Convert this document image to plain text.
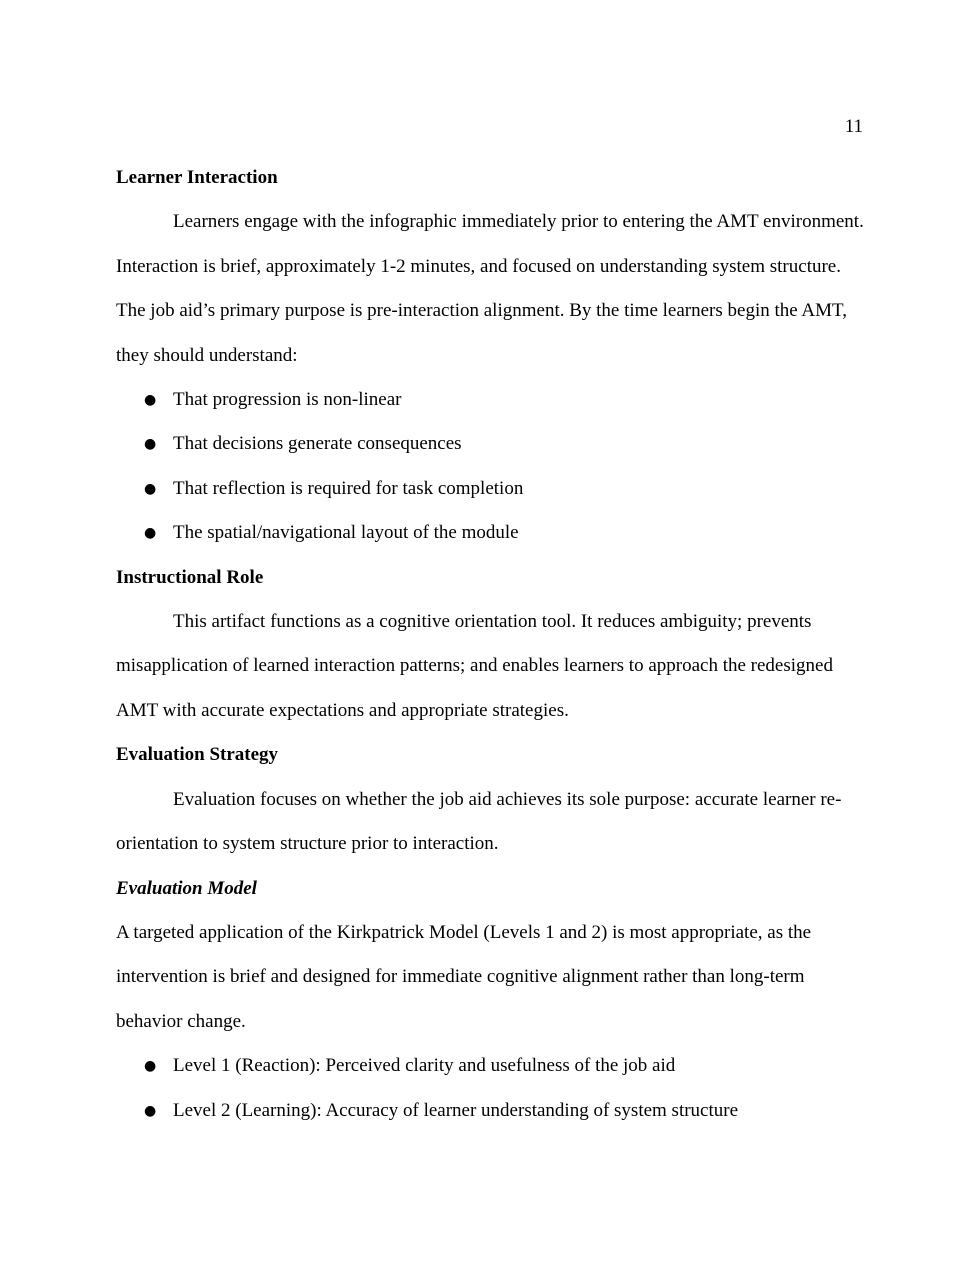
11

Learner Interaction

Learners engage with the infographic immediately prior to entering the AMT environment. Interaction is brief, approximately 1-2 minutes, and focused on understanding system structure. The job aid’s primary purpose is pre-interaction alignment. By the time learners begin the AMT, they should understand:

● That progression is non-linear
● That decisions generate consequences
● That reflection is required for task completion
● The spatial/navigational layout of the module

Instructional Role

This artifact functions as a cognitive orientation tool. It reduces ambiguity; prevents misapplication of learned interaction patterns; and enables learners to approach the redesigned AMT with accurate expectations and appropriate strategies.

Evaluation Strategy

Evaluation focuses on whether the job aid achieves its sole purpose: accurate learner re-orientation to system structure prior to interaction.

Evaluation Model

A targeted application of the Kirkpatrick Model (Levels 1 and 2) is most appropriate, as the intervention is brief and designed for immediate cognitive alignment rather than long-term behavior change.

● Level 1 (Reaction): Perceived clarity and usefulness of the job aid
● Level 2 (Learning): Accuracy of learner understanding of system structure
